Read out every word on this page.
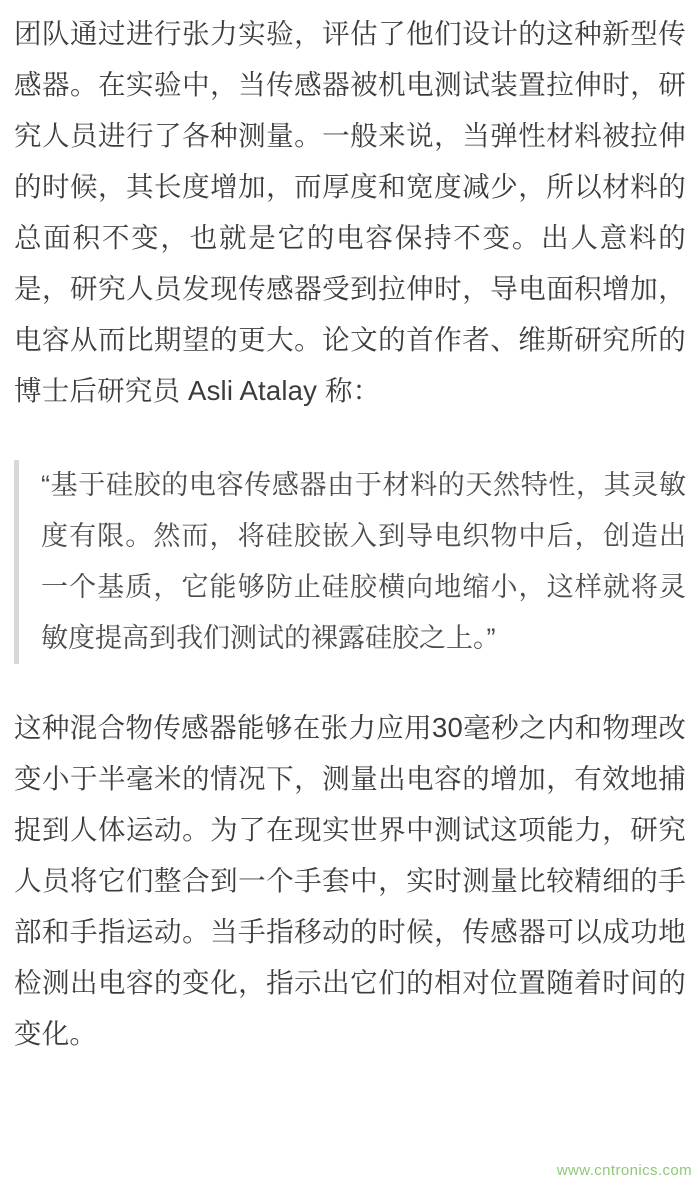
团队通过进行张力实验，评估了他们设计的这种新型传感器。在实验中，当传感器被机电测试装置拉伸时，研究人员进行了各种测量。一般来说，当弹性材料被拉伸的时候，其长度增加，而厚度和宽度减少，所以材料的总面积不变，也就是它的电容保持不变。出人意料的是，研究人员发现传感器受到拉伸时，导电面积增加，电容从而比期望的更大。论文的首作者、维斯研究所的博士后研究员 Asli Atalay 称：

“基于硅胶的电容传感器由于材料的天然特性，其灵敏度有限。然而，将硅胶嵌入到导电织物中后，创造出一个基质，它能够防止硅胶横向地缩小，这样就将灵敏度提高到我们测试的裸露硅胶之上。”

这种混合物传感器能够在张力应用30毫秒之内和物理改变小于半毫米的情况下，测量出电容的增加，有效地捕捉到人体运动。为了在现实世界中测试这项能力，研究人员将它们整合到一个手套中，实时测量比较精细的手部和手指运动。当手指移动的时候，传感器可以成功地检测出电容的变化，指示出它们的相对位置随着时间的变化。

www.cntronics.com
